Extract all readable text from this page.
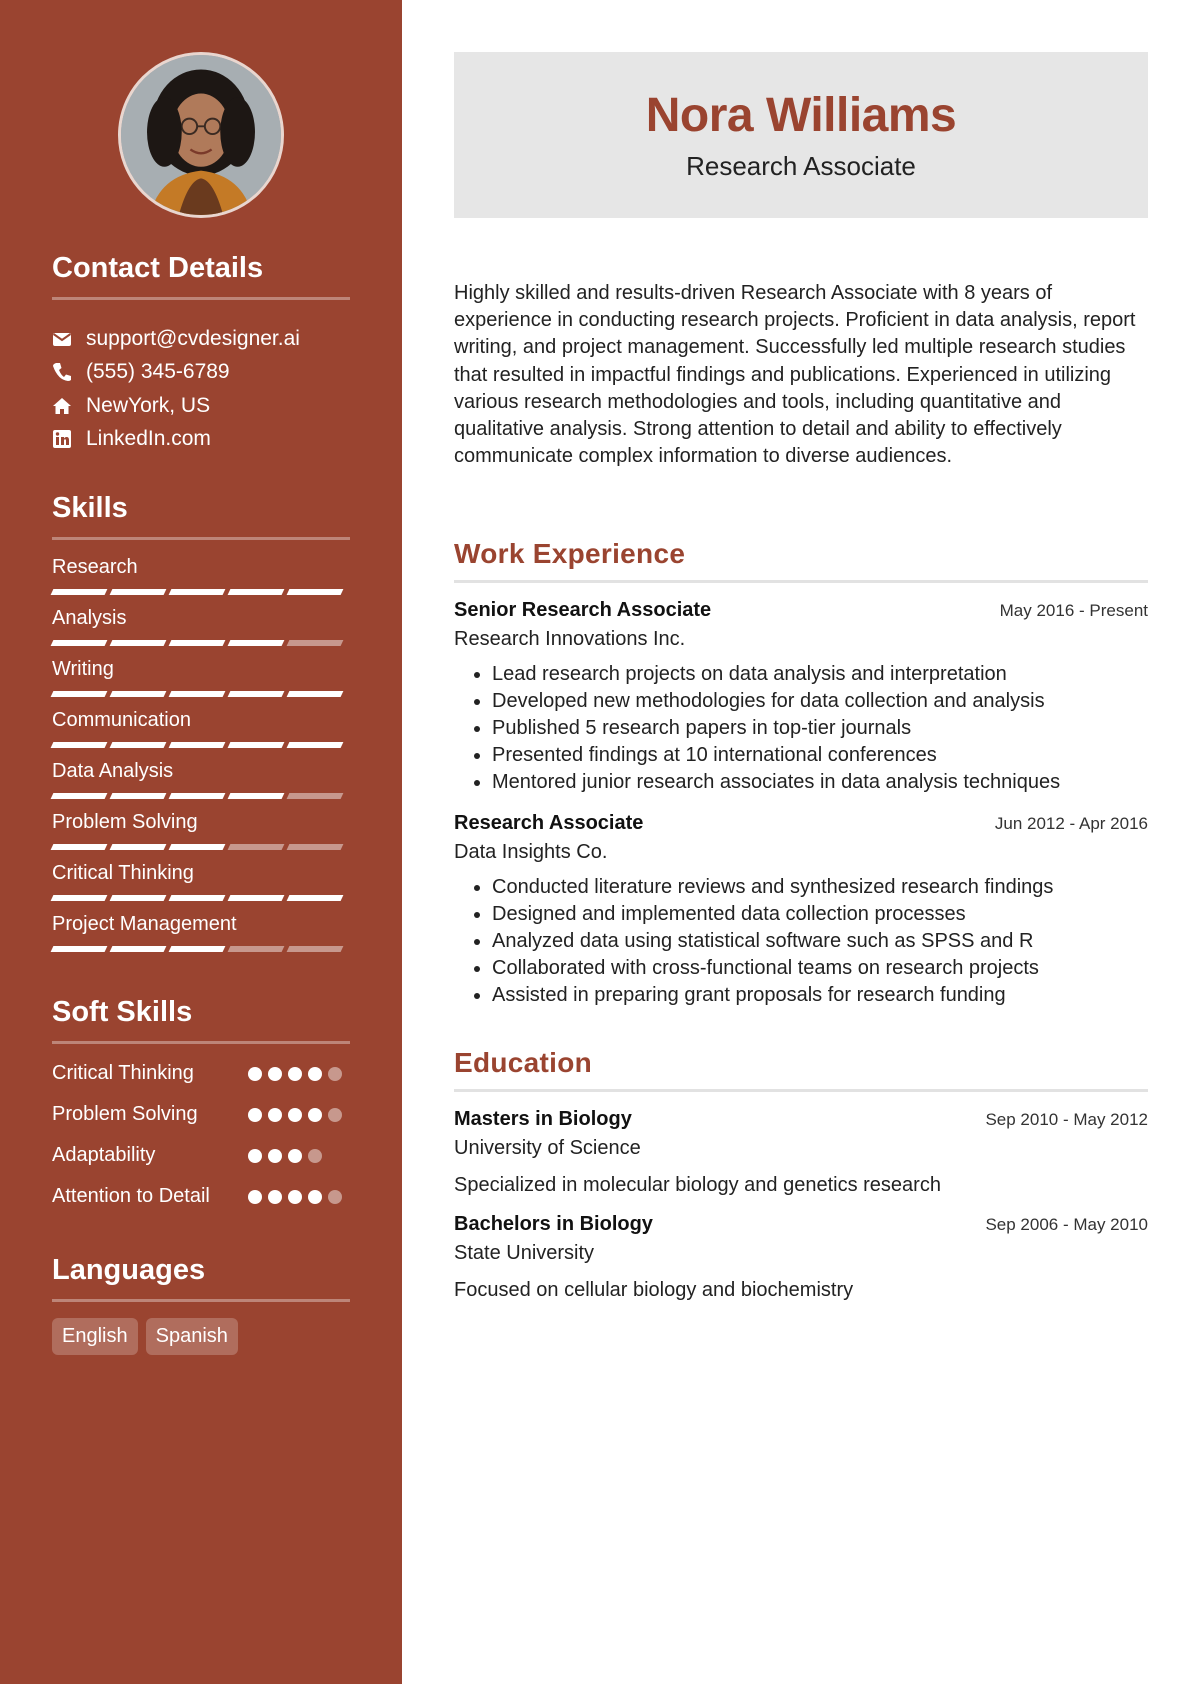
Contact Details
support@cvdesigner.ai
(555) 345-6789
NewYork, US
LinkedIn.com
Skills
Research
Analysis
Writing
Communication
Data Analysis
Problem Solving
Critical Thinking
Project Management
Soft Skills
Critical Thinking
Problem Solving
Adaptability
Attention to Detail
Languages
English	Spanish
Nora Williams
Research Associate

Highly skilled and results-driven Research Associate with 8 years of experience in conducting research projects. Proficient in data analysis, report writing, and project management. Successfully led multiple research studies that resulted in impactful findings and publications. Experienced in utilizing various research methodologies and tools, including quantitative and qualitative analysis. Strong attention to detail and ability to effectively communicate complex information to diverse audiences.

Work Experience
Senior Research Associate	May 2016 - Present
Research Innovations Inc.
• Lead research projects on data analysis and interpretation
• Developed new methodologies for data collection and analysis
• Published 5 research papers in top-tier journals
• Presented findings at 10 international conferences
• Mentored junior research associates in data analysis techniques
Research Associate	Jun 2012 - Apr 2016
Data Insights Co.
• Conducted literature reviews and synthesized research findings
• Designed and implemented data collection processes
• Analyzed data using statistical software such as SPSS and R
• Collaborated with cross-functional teams on research projects
• Assisted in preparing grant proposals for research funding
Education
Masters in Biology	Sep 2010 - May 2012
University of Science
Specialized in molecular biology and genetics research
Bachelors in Biology	Sep 2006 - May 2010
State University
Focused on cellular biology and biochemistry
